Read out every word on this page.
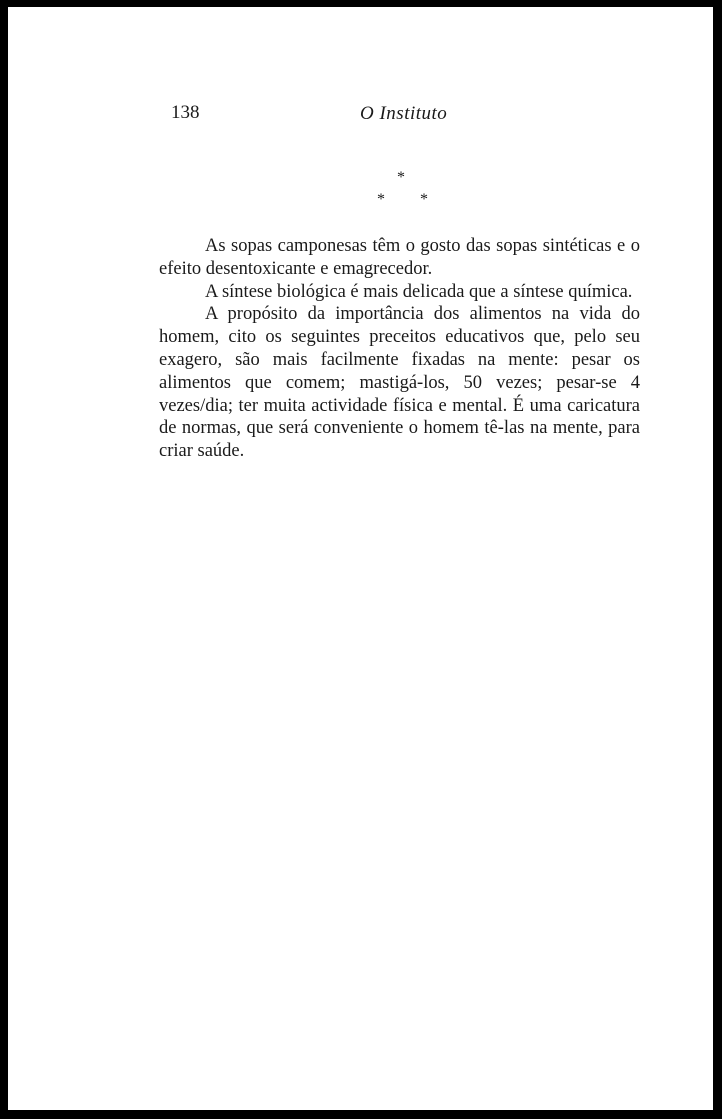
138	O Instituto
*
* *

As sopas camponesas têm o gosto das sopas sintéticas e o efeito desentoxicante e emagrecedor.

A síntese biológica é mais delicada que a síntese química.

A propósito da importância dos alimentos na vida do homem, cito os seguintes preceitos educativos que, pelo seu exagero, são mais facilmente fixadas na mente: pesar os alimentos que comem; mastigá-los, 50 vezes; pesar-se 4 vezes/dia; ter muita actividade física e mental. É uma caricatura de normas, que será conveniente o homem tê-las na mente, para criar saúde.
